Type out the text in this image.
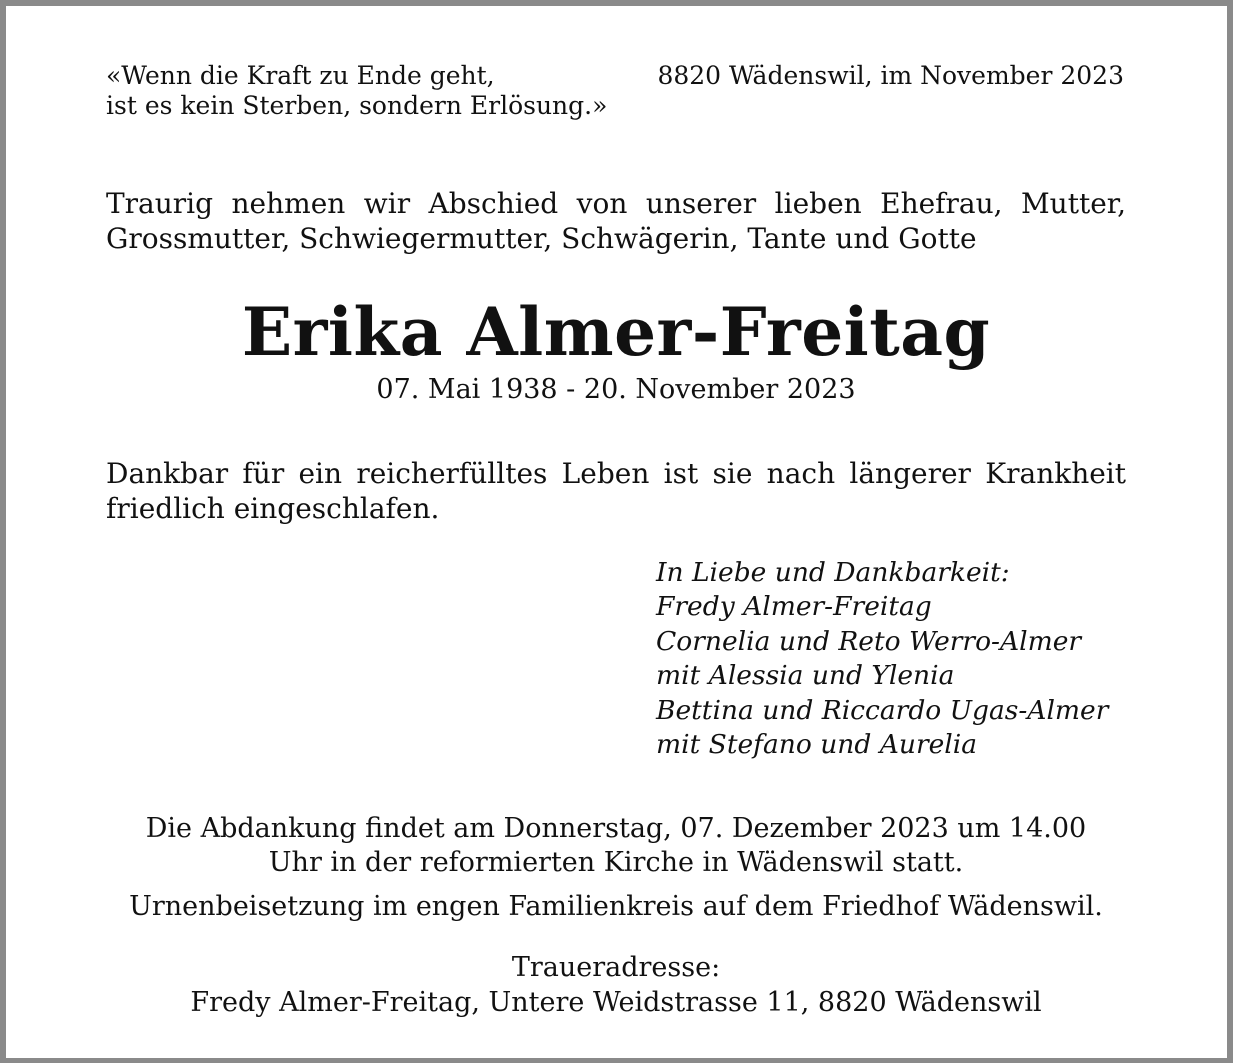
«Wenn die Kraft zu Ende geht,
ist es kein Sterben, sondern Erlösung.»
8820 Wädenswil, im November 2023

Traurig nehmen wir Abschied von unserer lieben Ehefrau, Mutter, Grossmutter, Schwiegermutter, Schwägerin, Tante und Gotte

Erika Almer-Freitag
07. Mai 1938 - 20. November 2023

Dankbar für ein reicherfülltes Leben ist sie nach längerer Krankheit friedlich eingeschlafen.

In Liebe und Dankbarkeit:
Fredy Almer-Freitag
Cornelia und Reto Werro-Almer
mit Alessia und Ylenia
Bettina und Riccardo Ugas-Almer
mit Stefano und Aurelia
Die Abdankung findet am Donnerstag, 07. Dezember 2023 um 14.00
Uhr in der reformierten Kirche in Wädenswil statt.
Urnenbeisetzung im engen Familienkreis auf dem Friedhof Wädenswil.
Traueradresse:
Fredy Almer-Freitag, Untere Weidstrasse 11, 8820 Wädenswil
